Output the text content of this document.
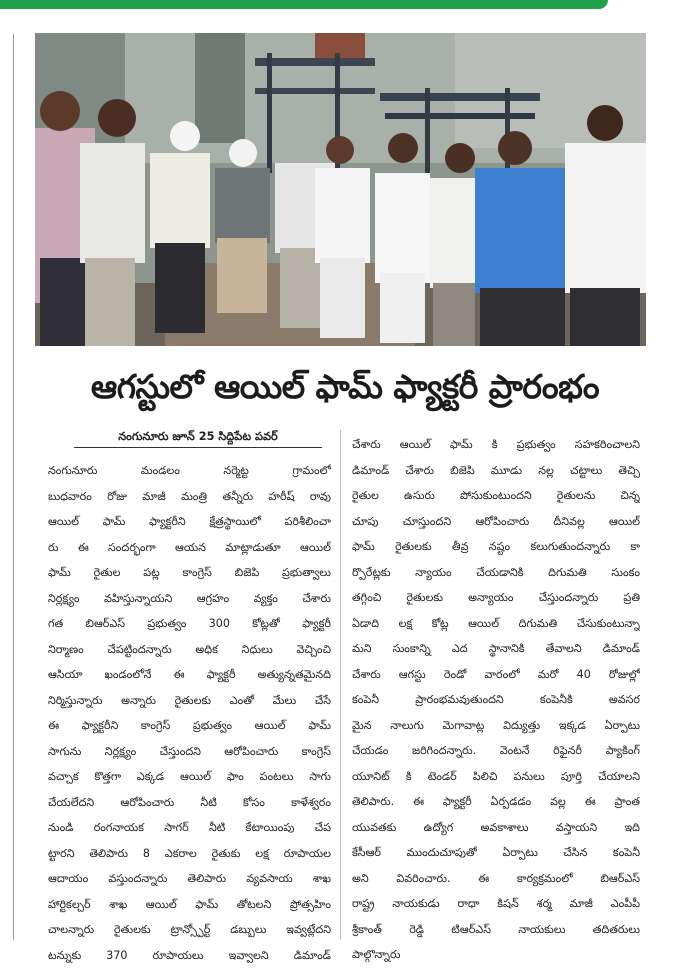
ఆగస్టులో ఆయిల్ ఫామ్ ఫ్యాక్టరీ ప్రారంభం
నంగునూరు జూన్ 25 సిద్దిపేట పవర్
నంగునూరు మండలం నర్మెట్ట గ్రామంలో
బుధవారం రోజు మాజీ మంత్రి తన్నీరు హరీష్ రావు
ఆయిల్ ఫామ్ ఫ్యాక్టరీని క్షేత్రస్థాయిలో పరిశీలించా
రు ఈ సందర్భంగా ఆయన మాట్లాడుతూ ఆయిల్
ఫామ్ రైతుల పట్ల కాంగ్రెస్ బిజెపి ప్రభుత్వాలు
నిర్లక్ష్యం వహిస్తున్నాయని ఆగ్రహం వ్యక్తం చేశారు
గత బిఆర్ఎస్ ప్రభుత్వం 300 కోట్లతో ఫ్యాక్టరీ
నిర్మాణం చేపట్టిందన్నారు అధిక నిధులు వెచ్చించి
ఆసియా ఖండంలోనే ఈ ఫ్యాక్టరీ అత్యున్నతమైనది
నిర్మిస్తున్నారు అన్నారు రైతులకు ఎంతో మేలు చేసే
ఈ ఫ్యాక్టరీని కాంగ్రెస్ ప్రభుత్వం ఆయిల్ ఫామ్
సాగును నిర్లక్ష్యం చేస్తుందని ఆరోపించారు కాంగ్రెస్
వచ్చాక కొత్తగా ఎక్కడ ఆయిల్ ఫాం పంటలు సాగు
చేయలేదని ఆరోపించారు నీటి కోసం కాళేశ్వరం
నుండి రంగనాయక సాగర్ నీటి కేటాయింపు చేప
ట్టారని తెలిపారు 8 ఎకరాల రైతుకు లక్ష రూపాయల
ఆదాయం వస్తుందన్నారు తెలిపారు వ్యవసాయ శాఖ
హార్టికల్చర్ శాఖ ఆయిల్ ఫామ్ తోటలని ప్రోత్సహిం
చాలన్నారు రైతులకు ట్రాన్స్పోర్ట్ డబ్బులు ఇవ్వట్లేదని
టన్నుకు 370 రూపాయలు ఇవ్వాలని డిమాండ్
చేశారు ఆయిల్ ఫామ్ కి ప్రభుత్వం సహకరించాలని
డిమాండ్ చేశారు బిజెపి మూడు నల్ల చట్టాలు తెచ్చి
రైతుల ఉసురు పోసుకుంటుందని రైతులను చిన్న
చూపు చూస్తుందని ఆరోపించారు దీనివల్ల ఆయిల్
ఫామ్ రైతులకు తీవ్ర నష్టం కలుగుతుందన్నారు కా
ర్పొరేట్లకు న్యాయం చేయడానికి దిగుమతి సుంకం
తగ్గించి రైతులకు అన్యాయం చేస్తుందన్నారు ప్రతి
ఏడాది లక్ష కోట్ల ఆయిల్ దిగుమతి చేసుకుంటున్నా
మని సుంకాన్ని ఎద స్థానానికి తేవాలని డిమాండ్
చేశారు ఆగస్టు రెండో వారంలో మరో 40 రోజుల్లో
కంపెనీ ప్రారంభమవుతుందని కంపెనీకి అవసర
మైన నాలుగు మెగావాట్ల విద్యుత్తు ఇక్కడ ఏర్పాటు
చేయడం జరిగిందన్నారు. వెంటనే రిఫైనరీ ప్యాకింగ్
యూనిట్ కి టెండర్ పిలిచి పనులు పూర్తి చేయాలని
తెలిపారు. ఈ ఫ్యాక్టరీ ఏర్పడడం వల్ల ఈ ప్రాంత
యువతకు ఉద్యోగ అవకాశాలు వస్తాయని ఇది
కేసీఆర్ ముందుచూపుతో ఏర్పాటు చేసిన కంపెనీ
అని వివరించారు. ఈ కార్యక్రమంలో బిఆర్ఎస్
రాష్ట్ర నాయకుడు రాధా కిషన్ శర్మ మాజీ ఎంపీపీ
శ్రీకాంత్ రెడ్డి టిఆర్ఎస్ నాయకులు తదితరులు
పాల్గొన్నారు
